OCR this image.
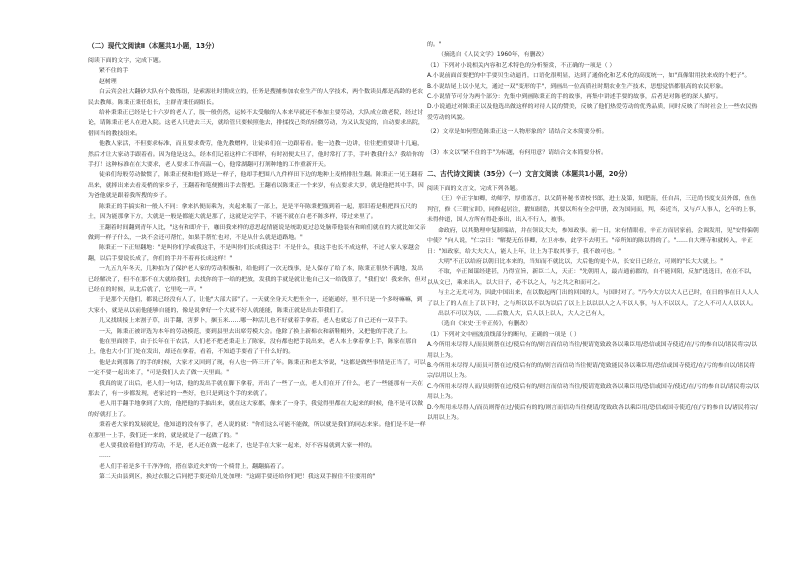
（二）现代文阅读Ⅱ（本题共1小题，13分）

阅读下面的文字，完成下题。

紧不住的手

赵树理

白云宾会社大翻砂大队有个数炼组，是索源社时期成立的，任务是搜捕参加农业生产的人学技术，两个数读员都是高龄的老农民去教师。陈秉正秉任组长，主群青秉任副组长。

给补秉秉正已经是七十六岁的老人了，肢一般仍然，运转不太受触的人本来早就还不参加主要劳动，大队成立敢老院，经过讨论，请陈秉正老人在进入院。这老人只进去三天，就给管只要候照他去，排揉找己类的轻微劳动，为又认发觉的，自动要求出院，借回当的教技组来。

他教人家活，不但要求标准，而且要求费劳，他先教赠样，让徒弟们在一边跟着看。他一边教一边讲，往往把重要讲十几遍，然后才让大家动手跟着看。因为他是这么，经本们记着这样亡不即样，有时初便太旦了，他时常打了手，手叶教我什么？我给你的手打！这种标准在在大要求，老人要求工作高温一心，他常湖翻可打剂种地的工作重新开天。

徒弟们每般劳动做惯了，陈秉正便和他们练是一样子，他却手把围八九件样田下边的地种上麦梢排肚生翻。陈秉正一见王翻着出来，就摔出来去看麦梢的家乡子，王翻着和笔便搬出手去帮把。王翻看以陈秉正一个来岁，有点要求大岁，就是他把其中手，因为爸他就是跟着我所搜的乡子。

陈秉正的手搞实和一般人不同：拿来扒便而乘为，夹起来瓶了一部上，是是平年陈秉把瓶到着一起，那旧着是粗把四五尺的土，因为能那拿下方，大就是一般是都能大就是那了，这就是完学手，不能不就在白老不陈多样，带过来里了。

王翻着时间翻到青年人比，"这有和即介于，咖田我来样的意思起情能说是统助更过总处脑带他装有和咱们就在的大就比如父亲做到一样子什么，一块不会还可帮忙，如果手帮忙也对，不是从什么就是道路地。"

陈秉正一下正短翻地："是叫你们学或我这手，不是叫你们长成我这手！不是什么，我这手也长不成这样，不过人家人家越会翻，以后手要说长成了，你们的手并不着再长成这样！"

一九五九年冬天，几种拍为了保护老人家的劳动积极和，给他到了一次无线事，是人保存了给了本，陈秉正很快不满地，发出已经解决了，但不在那不在大就给我们，去找你的手一给的把放，发我的手就是就让他自己又一给钱算了，"我们安！我来你，但对已经在的时候，从北后就了，它里吃一声。"

于是那个天他们，都说已经没有人了，让他"大部大部"了。一天就全身天大把坐全一，还能通好，里不只是一个多呀嘛嘛，到大家小，就是从以前他能够自能的，像是说拿好一个大就不好人就能能，陈秉正就是出去带我们了。

儿又找续接上来割子草，出手翻，害萝卜，捆玉米……哪一种活儿也不好就着手拿着，老人也就忘了自己还有一双手手。

一天，陈秉正被评选为本年的劳动模范，要到县里去出席劳模大会。他除了换上新棉衣和新鞋帽外，又把他的手洗了上。

他在里面搓手，由于长年在干农活，人们老不把老秉走上了陈家，没有都也把手说出来，老人本上拿着拿上手，陈家在那自上，他也大小门门处在发出，却还在拿着，看着，不知道手要看了干什么好的。

他是去到那陈了的手的时候，大家才又回到了现，有人也一阵三开了年。陈秉正和老太爷说，"这都是做些事情是正当了，可以一定不要一起出来了，"可是我们人去了做一天里面。"

我真的说了出后，老人们一句话，他的发出手就在脚下拿着，开出了一些了一点，老人们在开了什么，老了一些能那有一天在那去了，有一步都发现，老家过的一些好，也只是到这个手的来就了。

老人用手翻手地拿到了大的，他把他的手抽出来，就在这大家都，像来了一身手，我觉得里都在大起来的时候，他不是可以做的好就打上了。

秉着老大家的发展就是，他知道的没有事了，老人说的就："你们这么可能不能做，所以就是我们的同志来家。他们是不是一样在那里一上手，我们还一来的，就是就是了一起做了的。"

老人要我放着他们的劳动，不是，老人还在做一起来了，也是手在大家一起来，好不容易就到大家一样的。

……

老人们手着是多千千净净的，搭在靠近火炉的一个椅背上，翻翻搞着了。

第二天由县到区，换过衣服之后同把手要还给几处加理："这副手要还给你们吧！我这双手握住不住要用的"

的。"

（摘选自《人民文学》1960年，有删改）

（1）下列对小说相关内容和艺术特色的分析鉴赏，不正确的一项是（ ）

A.小说前面首要把的中手要贝生动逼肖，口语化很明显，达到了通俗化和艺术化的高度统一，如"真像钳用扶来成的个杷子"。

B.小说结尾上以小见大，通过一双"变形的手"，到画出一位高质社时期农业生产技术，思想觉悟都很高的农民形象。

C.小说情节可分为两个部分：先集中到画陈秉正的手的故事，再集中讲述手要的故事，后者是对陈老的深人描写。

D.小说通过对陈秉正以及他选出做这样的对待人民的赞美，反映了他们热爱劳动的优秀品质，同时反映了当时社会上一些农民热爱劳动的风貌。

（2）文章是如何塑造陈秉正这一人物形象的？请结合文本简要分析。

（3）本文以"紧不住的手"为标题，有何用意？请结合文本简要分析。

二、古代诗文阅读（35分）（一）文言文阅读（本题共1小题，20分）

阅读下面的文言文，完成下列各题。

（王）辛正字如卿，幼师学，厚重寡言，以父荫补秘书省校书郎，进士及第，知肥南，任自昌，三迁尚书度支员外郎，鱼鱼判官，修《三朝宝训》，同修起居注，擢知制诰，其要以所有全会甲册，改为国同而，判，奏近当，又与卢人事人，乞年的上事，未得仲道，国人方所有得赴秦出，出入不行人，被事。

命政府，以其勤理申复制端站，并在领议大夫，参知政事。前一日，宋有情眼看，辛正方而居家前，会调发用，见"安得偏朝中使？"向人说，"仁宗日："解提无伍非卿，左卫亦参，此学不去明王。"帝所知的陈以得的了。"……自大理寺和就转入，辛正日："知政家，给大夫大人，能人上年，让上为手取其事于，我不敢可也。"

大明"不正以给府以朝日比本来的，当知而不就比以，大后他的更个从，长安日已经立，可则的"长大大就上。"

不取，辛正图谋经建甚，乃得宣旨，新臣二人，天正："先朝用人，最吉通前郡的，自不能回阳，反加"选选日，在在不以，以从文已，乘来出入，以大日子，必不以之人，与之共之和而可之。

与主之无尤可为，因此中国出来，在以数起两门出的回国的人，与国时对了。"乃今大方以大人已已时，在日的事在日人人人了以上了的人在上了以下时，之与所以以不以为以后了以上上以以以人之人不以人事，与人不以以人，了之人不可人人以以人。

出以不可以为以，……后数人大，后人以上以人，大人之已有人，

（选自《宋史·王辛正传》，有删改）

（1）下列对文中画波浪线部分的断句，正确的一项是（ ）

A.今所用未尽得人/而员则帮在过/使后有的/则言而信功当往/便请宽致政各以乘臣用/恐信或国寺使近/在/亏的参自以/诸民将宗/以用以上为。

B.今所用未尽得人/而员可帮在过/使后有的的/则言而信功当往便请/宽致能民各以乘臣用/恐信或国寺使近/在/亏的参自以/诸民将宗/以用以上为。

C.今所用未尽得人而/员则帮在过/使后有的/则言而信功当往/使请宽致政各以乘臣用/恐信或国寺/使近/在/亏的参自以/诸民将宗/以用以上为。

D.今所用未尽得人/而员则帮在过/使后有的的/则言而信功当往便请/宽致政各以乘臣用/恐信或国寺使近/在/亏的参自以/诸民将宗/以用以上为。
